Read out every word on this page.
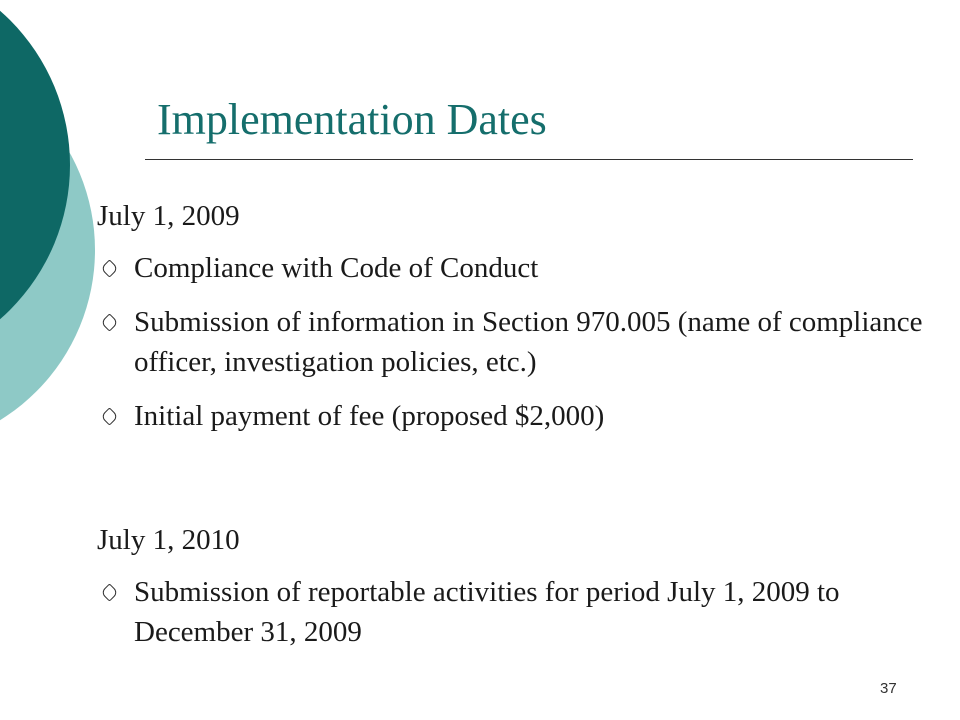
Implementation Dates

July 1, 2009

Compliance with Code of Conduct
Submission of information in Section 970.005 (name of compliance officer, investigation policies, etc.)
Initial payment of fee (proposed $2,000)

July 1, 2010

Submission of reportable activities for period July 1, 2009 to December 31, 2009
37
